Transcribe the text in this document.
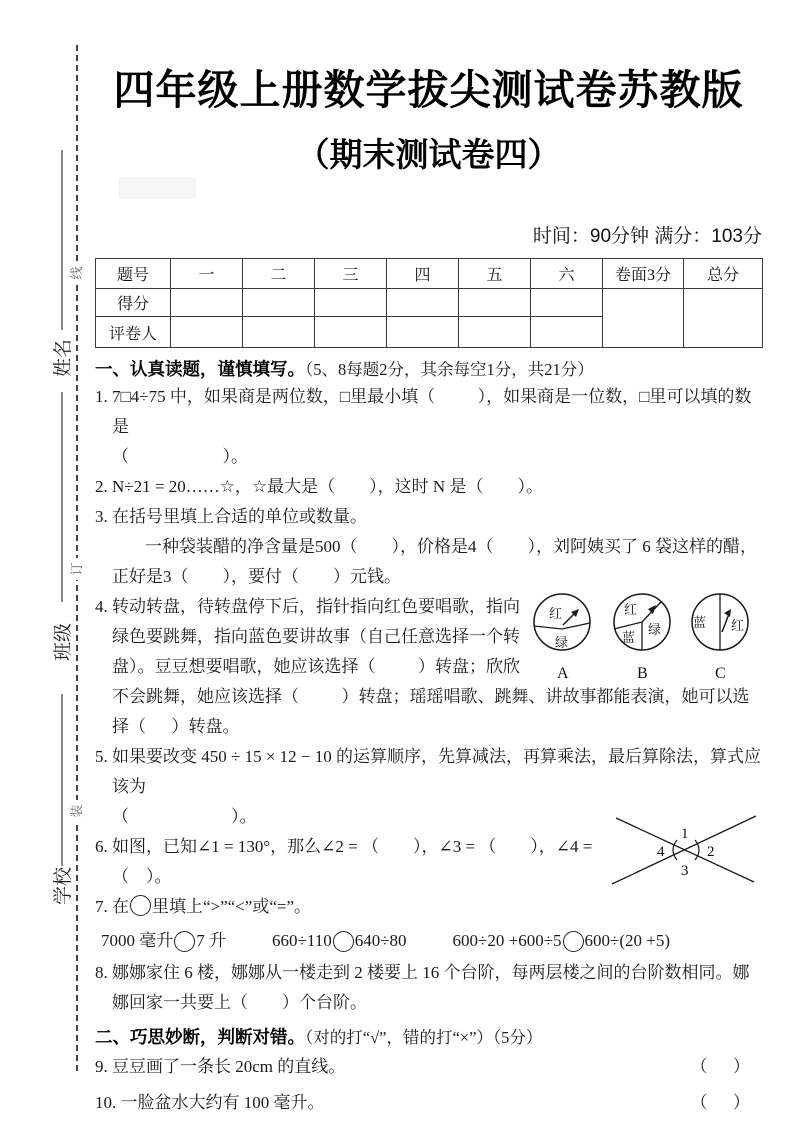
线
订
装
姓名
班级
学校
四年级上册数学拔尖测试卷苏教版
（期末测试卷四）
时间：90分钟 满分：103分
题号	一	二	三	四	五	六	卷面3分	总分
得分								
评卷人								

一、认真读题，谨慎填写。（5、8每题2分，其余每空1分，共21分）

1. 7□4÷75 中，如果商是两位数，□里最小填（          ），如果商是一位数，□里可以填的数是

（                      ）。

2. N÷21 = 20……☆，☆最大是（        ），这时 N 是（        ）。

3. 在括号里填上合适的单位或数量。

一种袋装醋的净含量是500（        ），价格是4（        ），刘阿姨买了 6 袋这样的醋，正好是3（        ），要付（        ）元钱。

红
绿
A
红
蓝
绿
B
蓝 红
C

4. 转动转盘，待转盘停下后，指针指向红色要唱歌，指向绿色要跳舞，指向蓝色要讲故事（自己任意选择一个转盘）。豆豆想要唱歌，她应该选择（          ）转盘；欣欣不会跳舞，她应该选择（          ）转盘；瑶瑶唱歌、跳舞、讲故事都能表演，她可以选择（      ）转盘。

5. 如果要改变 450 ÷ 15 × 12 − 10 的运算顺序，先算减法，再算乘法，最后算除法，算式应该为

（                        ）。

1
2
3
4

6. 如图，已知∠1 = 130°，那么∠2 = （        ），∠3 = （        ），∠4 = （    ）。

7. 在 里填上“>”“<”或“=”。

7000 毫升 7 升	660÷110 640÷80	600÷20 +600÷5 600÷(20 +5)

8. 娜娜家住 6 楼，娜娜从一楼走到 2 楼要上 16 个台阶，每两层楼之间的台阶数相同。娜娜回家一共要上（        ）个台阶。

二、巧思妙断，判断对错。（对的打“√”，错的打“×”）（5分）

9. 豆豆画了一条长 20cm 的直线。	（      ）

10. 一脸盆水大约有 100 毫升。	（      ）
